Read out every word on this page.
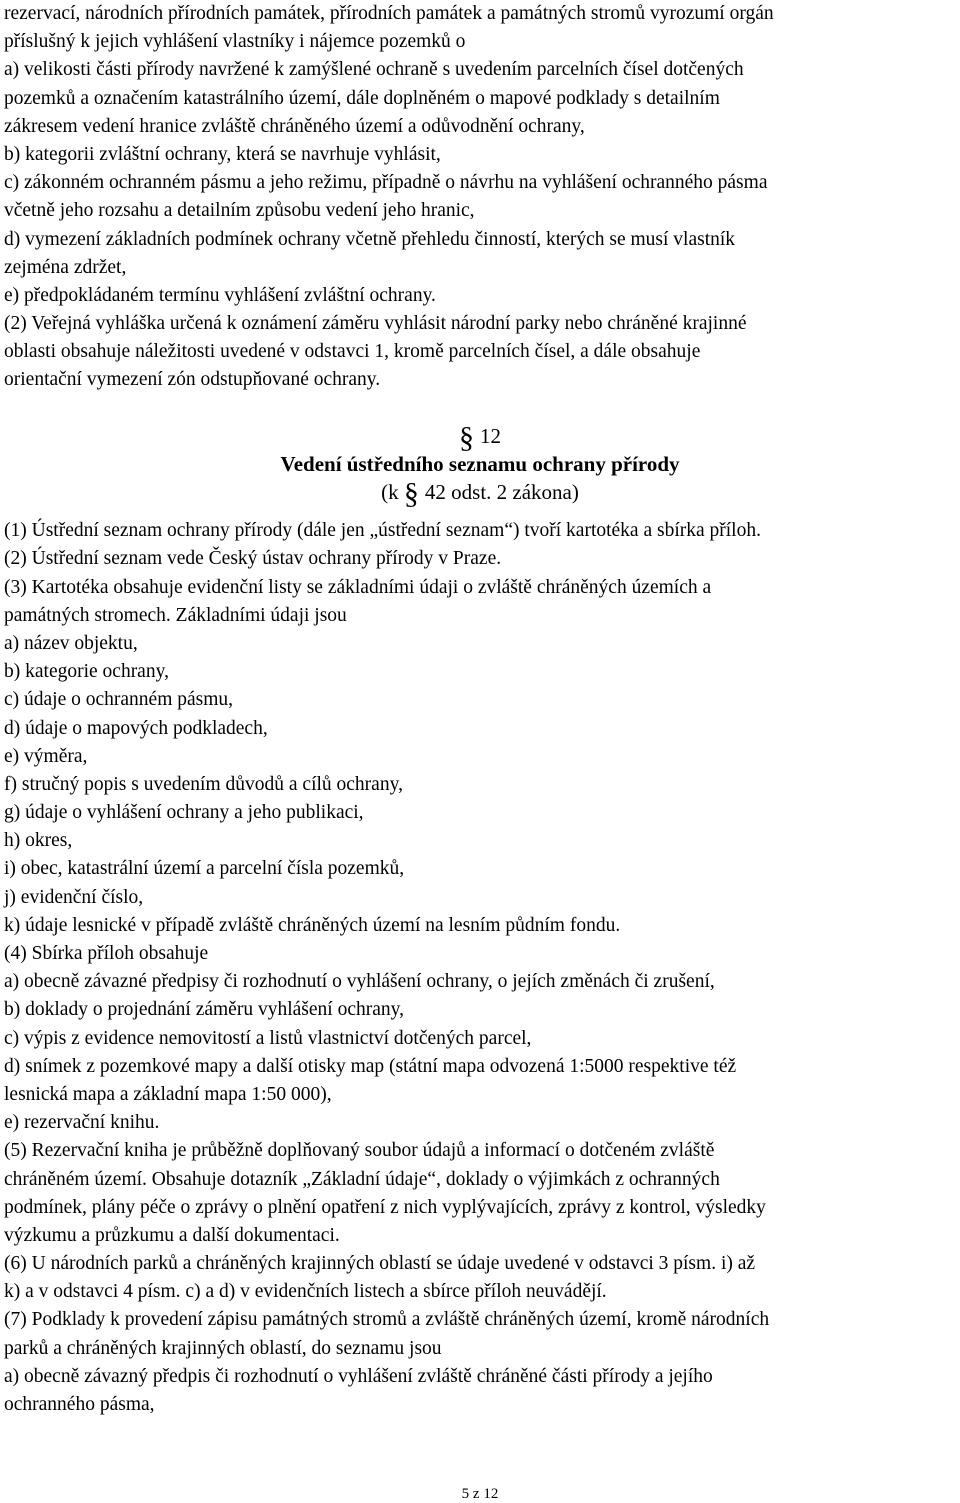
rezervací, národních přírodních památek, přírodních památek a památných stromů vyrozumí orgán

příslušný k jejich vyhlášení vlastníky i nájemce pozemků o

a) velikosti části přírody navržené k zamýšlené ochraně s uvedením parcelních čísel dotčených

pozemků a označením katastrálního území, dále doplněném o mapové podklady s detailním

zákresem vedení hranice zvláště chráněného území a odůvodnění ochrany,

b) kategorii zvláštní ochrany, která se navrhuje vyhlásit,

c) zákonném ochranném pásmu a jeho režimu, případně o návrhu na vyhlášení ochranného pásma

včetně jeho rozsahu a detailním způsobu vedení jeho hranic,

d) vymezení základních podmínek ochrany včetně přehledu činností, kterých se musí vlastník

zejména zdržet,

e) předpokládaném termínu vyhlášení zvláštní ochrany.

(2) Veřejná vyhláška určená k oznámení záměru vyhlásit národní parky nebo chráněné krajinné

oblasti obsahuje náležitosti uvedené v odstavci 1, kromě parcelních čísel, a dále obsahuje

orientační vymezení zón odstupňované ochrany.

§ 12

Vedení ústředního seznamu ochrany přírody

(k § 42 odst. 2 zákona)

(1) Ústřední seznam ochrany přírody (dále jen „ústřední seznam“) tvoří kartotéka a sbírka příloh.

(2) Ústřední seznam vede Český ústav ochrany přírody v Praze.

(3) Kartotéka obsahuje evidenční listy se základními údaji o zvláště chráněných územích a

památných stromech. Základními údaji jsou

a) název objektu,

b) kategorie ochrany,

c) údaje o ochranném pásmu,

d) údaje o mapových podkladech,

e) výměra,

f) stručný popis s uvedením důvodů a cílů ochrany,

g) údaje o vyhlášení ochrany a jeho publikaci,

h) okres,

i) obec, katastrální území a parcelní čísla pozemků,

j) evidenční číslo,

k) údaje lesnické v případě zvláště chráněných území na lesním půdním fondu.

(4) Sbírka příloh obsahuje

a) obecně závazné předpisy či rozhodnutí o vyhlášení ochrany, o jejích změnách či zrušení,

b) doklady o projednání záměru vyhlášení ochrany,

c) výpis z evidence nemovitostí a listů vlastnictví dotčených parcel,

d) snímek z pozemkové mapy a další otisky map (státní mapa odvozená 1:5000 respektive též

lesnická mapa a základní mapa 1:50 000),

e) rezervační knihu.

(5) Rezervační kniha je průběžně doplňovaný soubor údajů a informací o dotčeném zvláště

chráněném území. Obsahuje dotazník „Základní údaje“, doklady o výjimkách z ochranných

podmínek, plány péče o zprávy o plnění opatření z nich vyplývajících, zprávy z kontrol, výsledky

výzkumu a průzkumu a další dokumentaci.

(6) U národních parků a chráněných krajinných oblastí se údaje uvedené v odstavci 3 písm. i) až

k) a v odstavci 4 písm. c) a d) v evidenčních listech a sbírce příloh neuvádějí.

(7) Podklady k provedení zápisu památných stromů a zvláště chráněných území, kromě národních

parků a chráněných krajinných oblastí, do seznamu jsou

a) obecně závazný předpis či rozhodnutí o vyhlášení zvláště chráněné části přírody a jejího

ochranného pásma,

5 z 12
